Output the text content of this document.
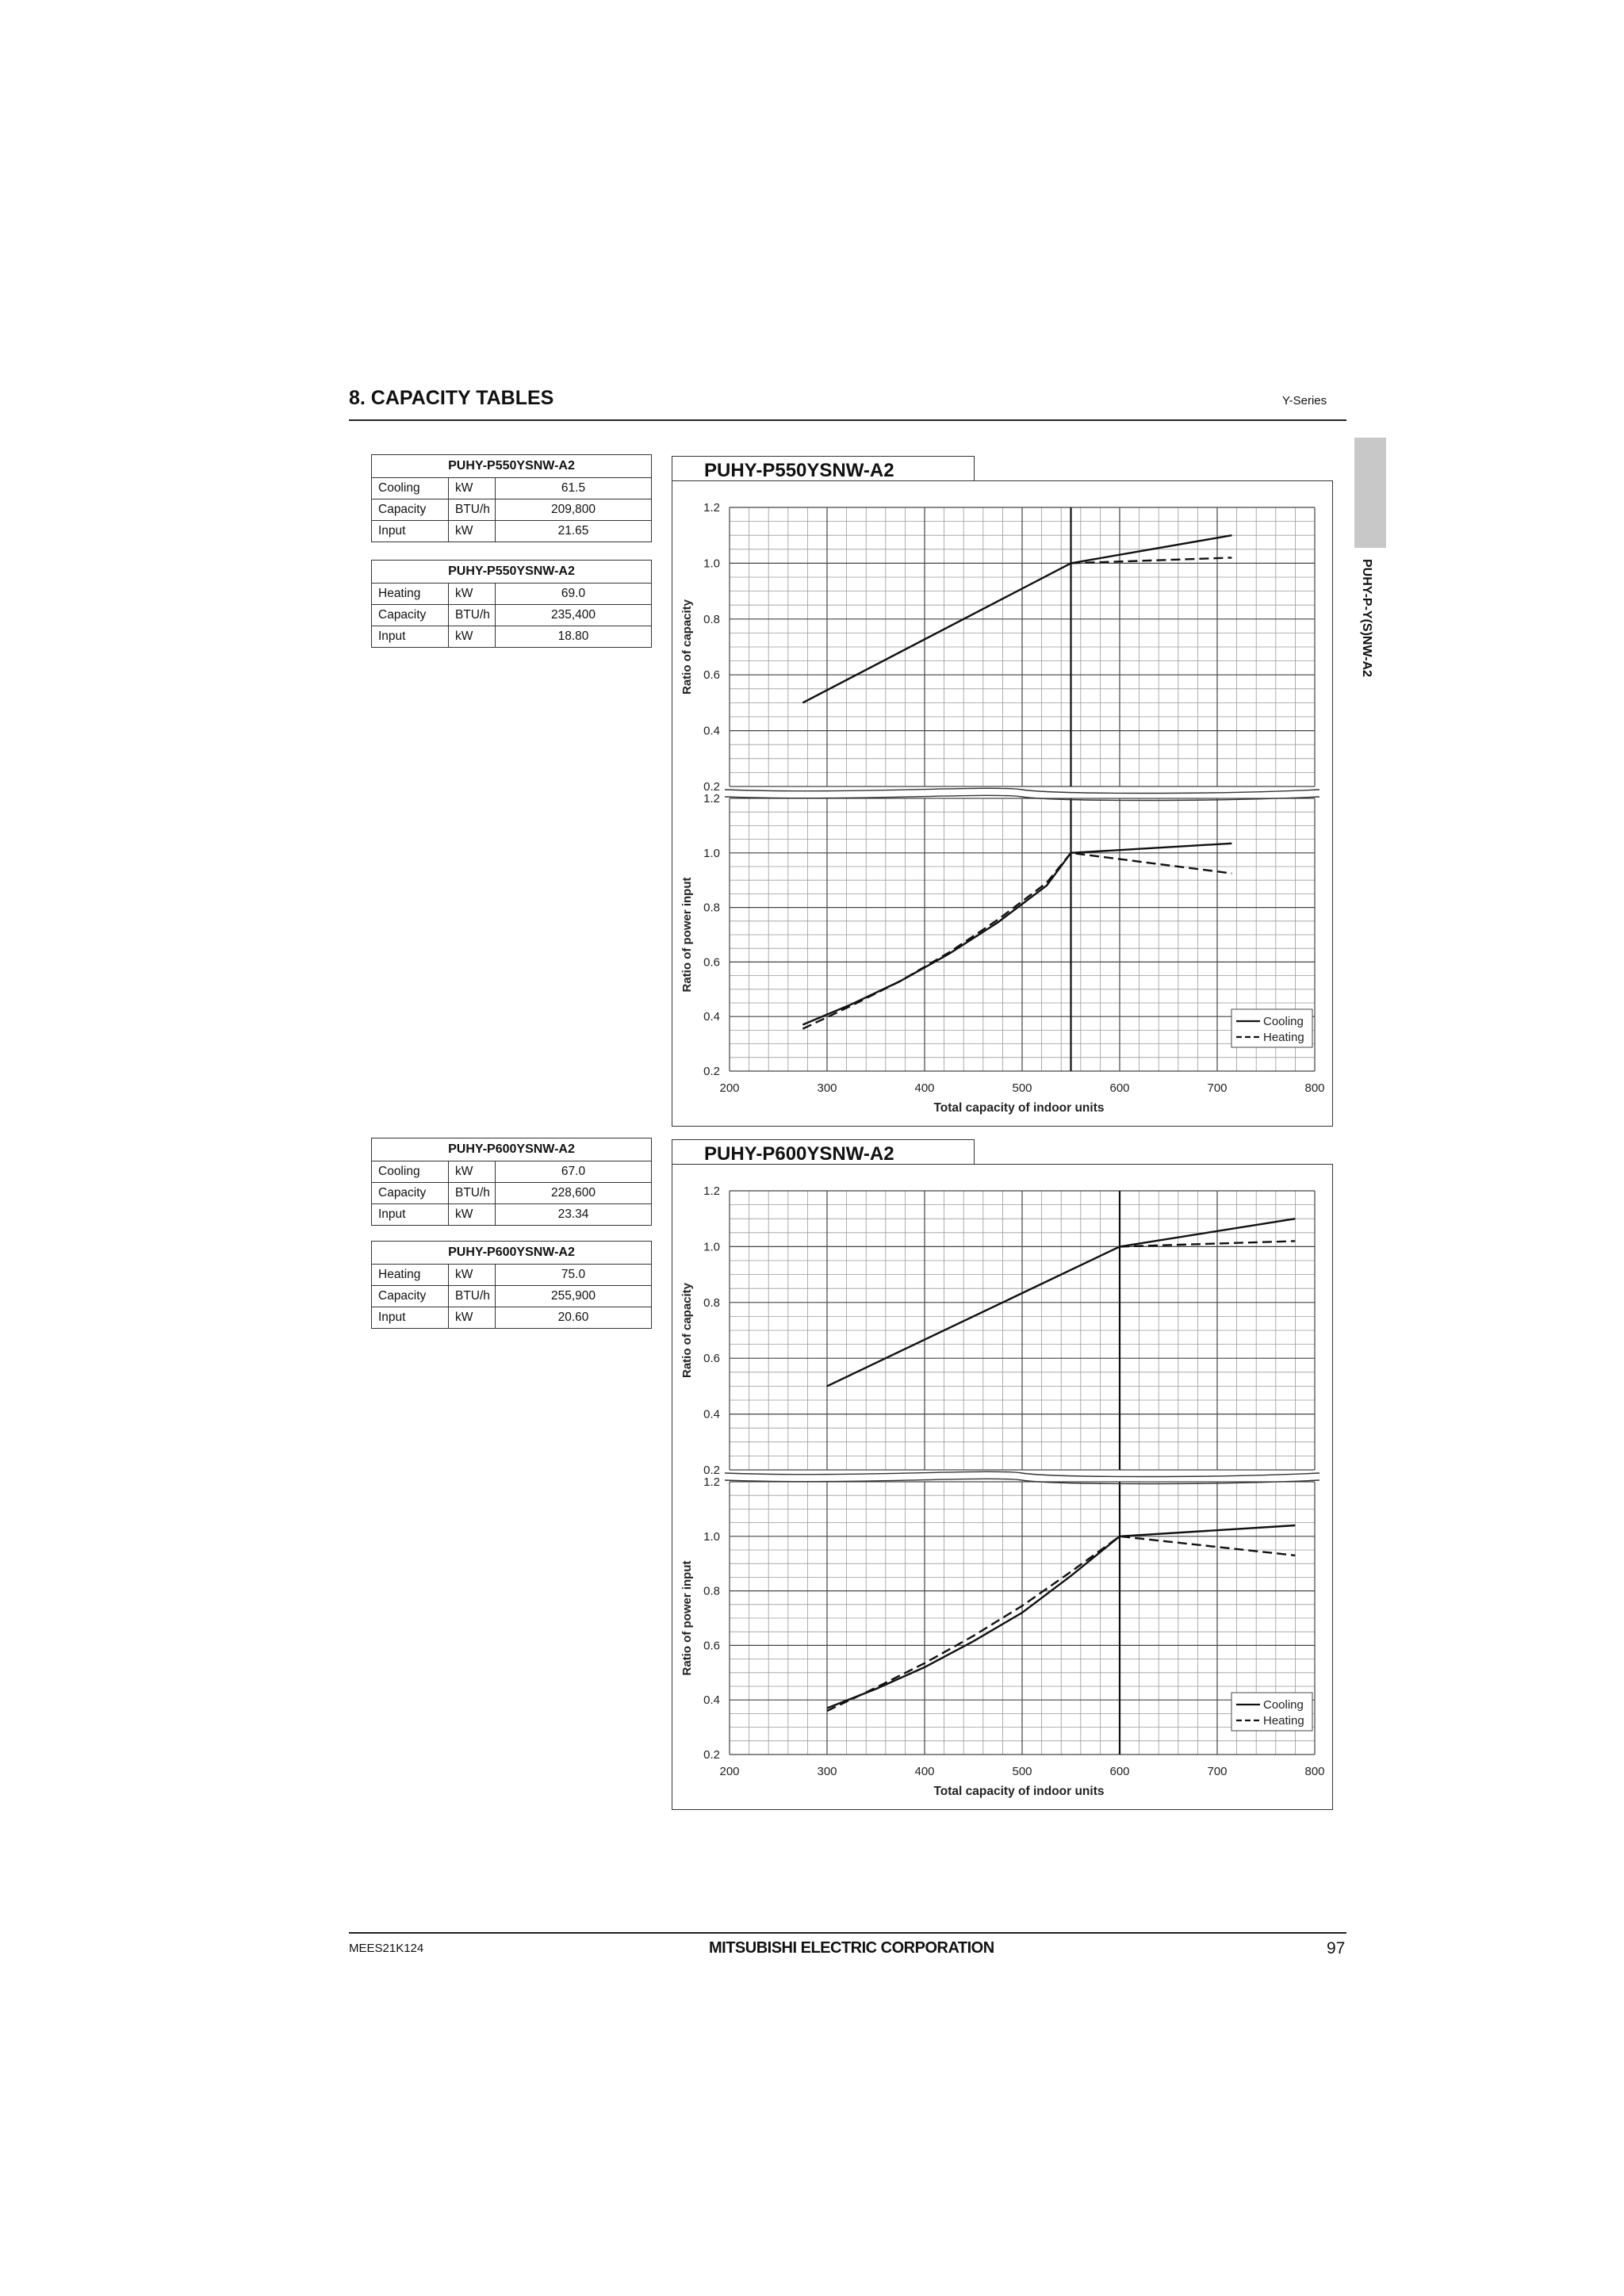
8. CAPACITY TABLES	Y-Series
PUHY-P-Y(S)NW-A2
PUHY-P550YSNW-A2		
Cooling	kW	61.5
Capacity	BTU/h	209,800
Input	kW	21.65
PUHY-P550YSNW-A2		
Heating	kW	69.0
Capacity	BTU/h	235,400
Input	kW	18.80
PUHY-P600YSNW-A2		
Cooling	kW	67.0
Capacity	BTU/h	228,600
Input	kW	23.34
PUHY-P600YSNW-A2		
Heating	kW	75.0
Capacity	BTU/h	255,900
Input	kW	20.60
PUHY-P550YSNW-A2
0.2
0.4
0.6
0.8
1.0
1.2
Ratio of capacity
0.2
0.4
0.6
0.8
1.0
1.2
Ratio of power input
200	300	400	500	600	700	800
Total capacity of indoor units
Cooling
Heating
PUHY-P600YSNW-A2
0.2
0.4
0.6
0.8
1.0
1.2
Ratio of capacity
0.2
0.4
0.6
0.8
1.0
1.2
Ratio of power input
200	300	400	500	600	700	800
Total capacity of indoor units
Cooling
Heating
MEES21K124	MITSUBISHI ELECTRIC CORPORATION	97
